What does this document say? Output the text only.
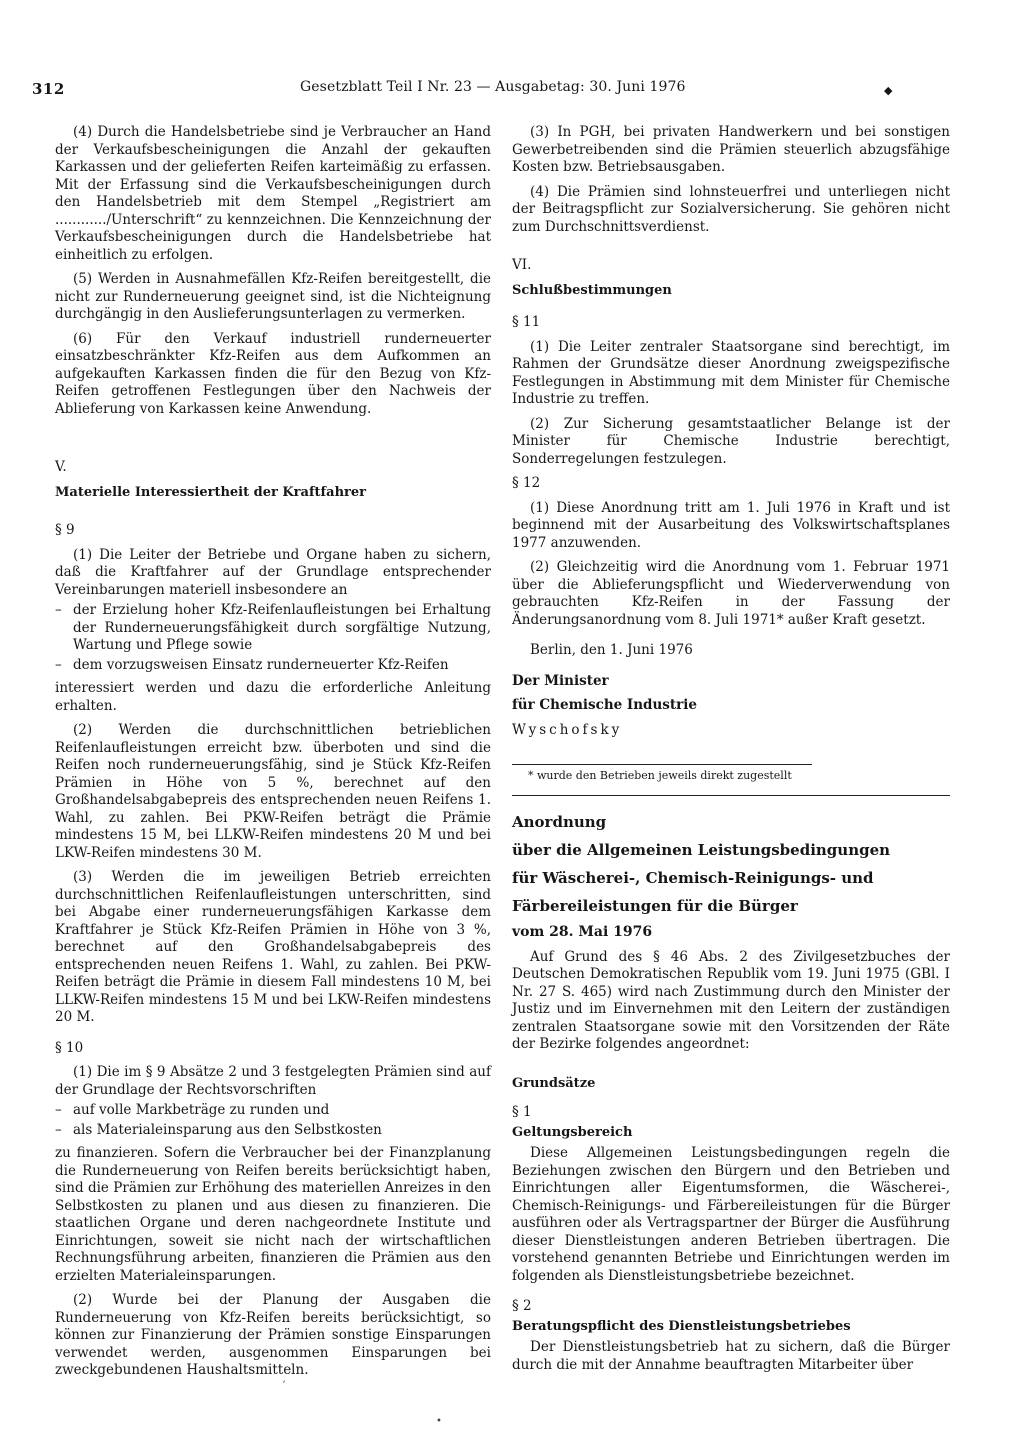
312	Gesetzblatt Teil I Nr. 23 — Ausgabetag: 30. Juni 1976	◆

(4) Durch die Handelsbetriebe sind je Verbraucher an Hand der Verkaufsbescheinigungen die Anzahl der gekauften Karkassen und der gelieferten Reifen karteimäßig zu erfassen. Mit der Erfassung sind die Verkaufsbescheinigungen durch den Handelsbetrieb mit dem Stempel „Registriert am ............/Unterschrift“ zu kennzeichnen. Die Kennzeichnung der Verkaufsbescheinigungen durch die Handelsbetriebe hat einheitlich zu erfolgen.

(5) Werden in Ausnahmefällen Kfz-Reifen bereitgestellt, die nicht zur Runderneuerung geeignet sind, ist die Nichteignung durchgängig in den Auslieferungsunterlagen zu vermerken.

(6) Für den Verkauf industriell runderneuerter einsatzbeschränkter Kfz-Reifen aus dem Aufkommen an aufgekauften Karkassen finden die für den Bezug von Kfz-Reifen getroffenen Festlegungen über den Nachweis der Ablieferung von Karkassen keine Anwendung.

V.

Materielle Interessiertheit der Kraftfahrer

§ 9

(1) Die Leiter der Betriebe und Organe haben zu sichern, daß die Kraftfahrer auf der Grundlage entsprechender Vereinbarungen materiell insbesondere an

– der Erzielung hoher Kfz-Reifenlaufleistungen bei Erhaltung der Runderneuerungsfähigkeit durch sorgfältige Nutzung, Wartung und Pflege sowie
– dem vorzugsweisen Einsatz runderneuerter Kfz-Reifen

interessiert werden und dazu die erforderliche Anleitung erhalten.

(2) Werden die durchschnittlichen betrieblichen Reifenlaufleistungen erreicht bzw. überboten und sind die Reifen noch runderneuerungsfähig, sind je Stück Kfz-Reifen Prämien in Höhe von 5 %, berechnet auf den Großhandelsabgabepreis des entsprechenden neuen Reifens 1. Wahl, zu zahlen. Bei PKW-Reifen beträgt die Prämie mindestens 15 M, bei LLKW-Reifen mindestens 20 M und bei LKW-Reifen mindestens 30 M.

(3) Werden die im jeweiligen Betrieb erreichten durchschnittlichen Reifenlaufleistungen unterschritten, sind bei Abgabe einer runderneuerungsfähigen Karkasse dem Kraftfahrer je Stück Kfz-Reifen Prämien in Höhe von 3 %, berechnet auf den Großhandelsabgabepreis des entsprechenden neuen Reifens 1. Wahl, zu zahlen. Bei PKW-Reifen beträgt die Prämie in diesem Fall mindestens 10 M, bei LLKW-Reifen mindestens 15 M und bei LKW-Reifen mindestens 20 M.

§ 10

(1) Die im § 9 Absätze 2 und 3 festgelegten Prämien sind auf der Grundlage der Rechtsvorschriften

– auf volle Markbeträge zu runden und
– als Materialeinsparung aus den Selbstkosten

zu finanzieren. Sofern die Verbraucher bei der Finanzplanung die Runderneuerung von Reifen bereits berücksichtigt haben, sind die Prämien zur Erhöhung des materiellen Anreizes in den Selbstkosten zu planen und aus diesen zu finanzieren. Die staatlichen Organe und deren nachgeordnete Institute und Einrichtungen, soweit sie nicht nach der wirtschaftlichen Rechnungsführung arbeiten, finanzieren die Prämien aus den erzielten Materialeinsparungen.

(2) Wurde bei der Planung der Ausgaben die Runderneuerung von Kfz-Reifen bereits berücksichtigt, so können zur Finanzierung der Prämien sonstige Einsparungen verwendet werden, ausgenommen Einsparungen bei zweckgebundenen Haushaltsmitteln.

(3) In PGH, bei privaten Handwerkern und bei sonstigen Gewerbetreibenden sind die Prämien steuerlich abzugsfähige Kosten bzw. Betriebsausgaben.

(4) Die Prämien sind lohnsteuerfrei und unterliegen nicht der Beitragspflicht zur Sozialversicherung. Sie gehören nicht zum Durchschnittsverdienst.

VI.

Schlußbestimmungen

§ 11

(1) Die Leiter zentraler Staatsorgane sind berechtigt, im Rahmen der Grundsätze dieser Anordnung zweigspezifische Festlegungen in Abstimmung mit dem Minister für Chemische Industrie zu treffen.

(2) Zur Sicherung gesamtstaatlicher Belange ist der Minister für Chemische Industrie berechtigt, Sonderregelungen festzulegen.

§ 12

(1) Diese Anordnung tritt am 1. Juli 1976 in Kraft und ist beginnend mit der Ausarbeitung des Volkswirtschaftsplanes 1977 anzuwenden.

(2) Gleichzeitig wird die Anordnung vom 1. Februar 1971 über die Ablieferungspflicht und Wiederverwendung von gebrauchten Kfz-Reifen in der Fassung der Änderungsanordnung vom 8. Juli 1971* außer Kraft gesetzt.

Berlin, den 1. Juni 1976

Der Minister

für Chemische Industrie

Wyschofsky

* wurde den Betrieben jeweils direkt zugestellt

Anordnung

über die Allgemeinen Leistungsbedingungen

für Wäscherei-, Chemisch-Reinigungs- und

Färbereileistungen für die Bürger

vom 28. Mai 1976

Auf Grund des § 46 Abs. 2 des Zivilgesetzbuches der Deutschen Demokratischen Republik vom 19. Juni 1975 (GBl. I Nr. 27 S. 465) wird nach Zustimmung durch den Minister der Justiz und im Einvernehmen mit den Leitern der zuständigen zentralen Staatsorgane sowie mit den Vorsitzenden der Räte der Bezirke folgendes angeordnet:

Grundsätze

§ 1

Geltungsbereich

Diese Allgemeinen Leistungsbedingungen regeln die Beziehungen zwischen den Bürgern und den Betrieben und Einrichtungen aller Eigentumsformen, die Wäscherei-, Chemisch-Reinigungs- und Färbereileistungen für die Bürger ausführen oder als Vertragspartner der Bürger die Ausführung dieser Dienstleistungen anderen Betrieben übertragen. Die vorstehend genannten Betriebe und Einrichtungen werden im folgenden als Dienstleistungsbetriebe bezeichnet.

§ 2

Beratungspflicht des Dienstleistungsbetriebes

Der Dienstleistungsbetrieb hat zu sichern, daß die Bürger durch die mit der Annahme beauftragten Mitarbeiter über

ʼ
•
